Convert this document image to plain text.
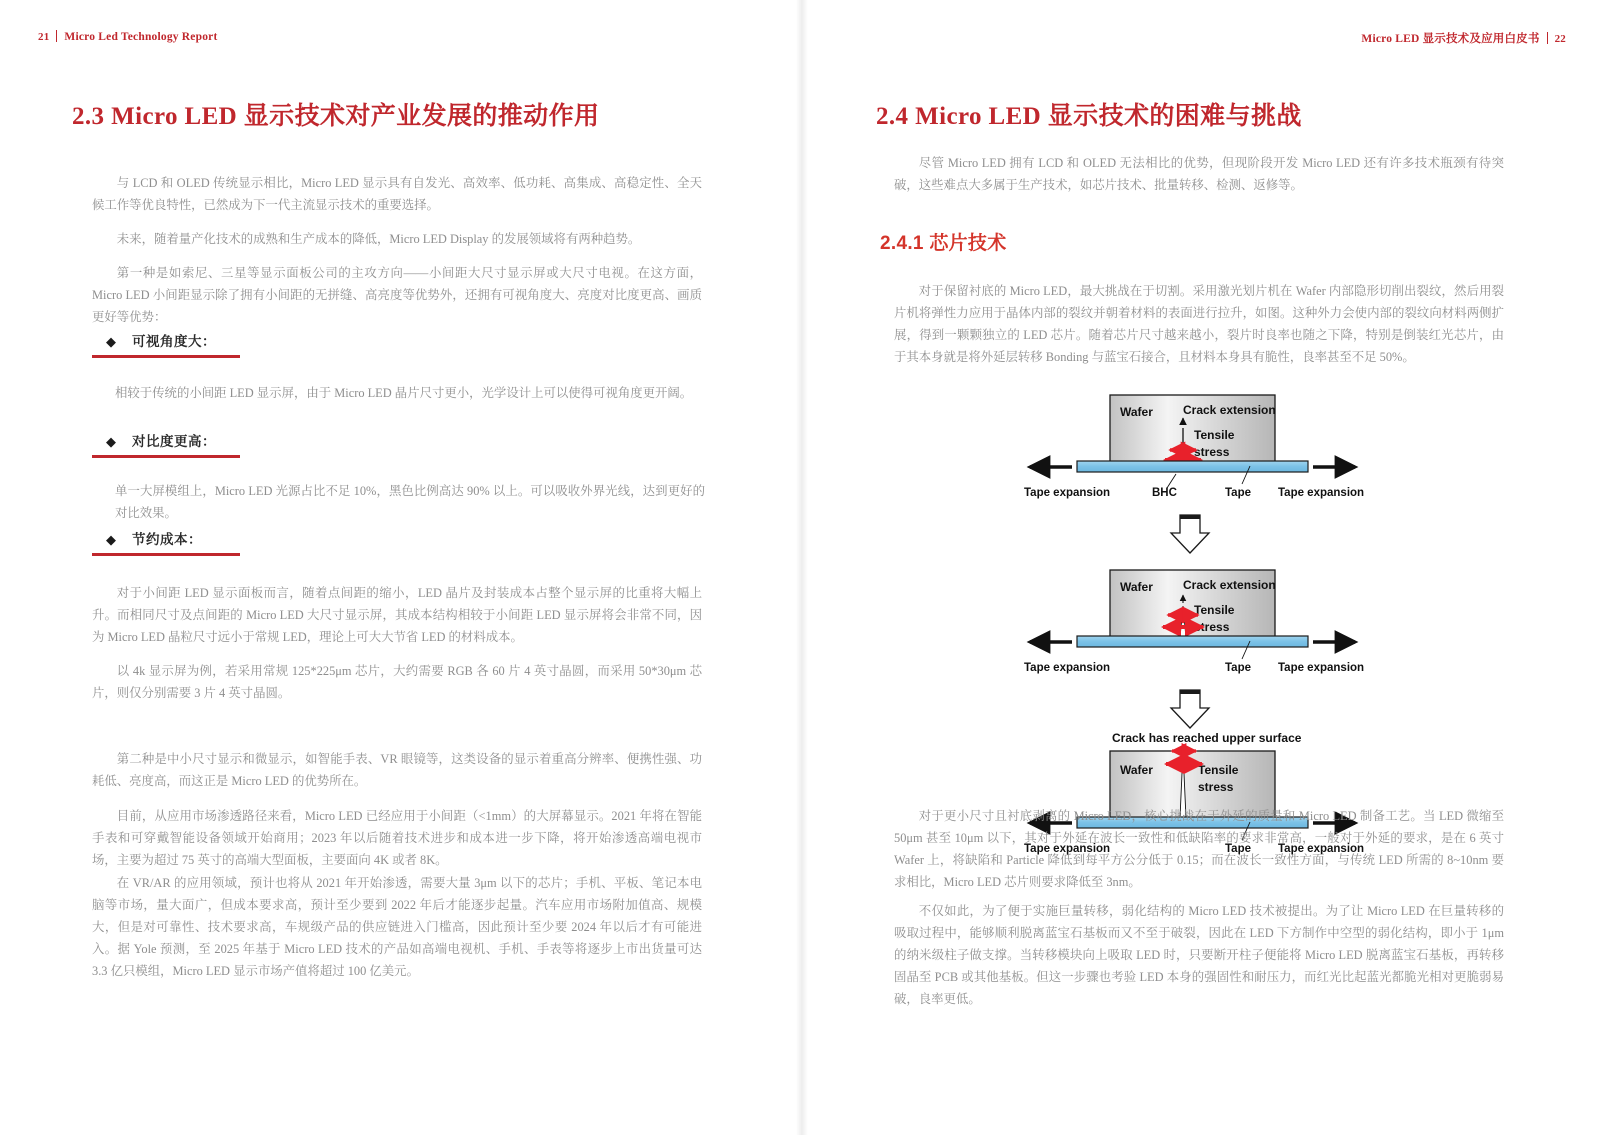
21 Micro Led Technology Report
2.3 Micro LED 显示技术对产业发展的推动作用
与 LCD 和 OLED 传统显示相比，Micro LED 显示具有自发光、高效率、低功耗、高集成、高稳定性、全天候工作等优良特性，已然成为下一代主流显示技术的重要选择。
未来，随着量产化技术的成熟和生产成本的降低，Micro LED Display 的发展领域将有两种趋势。
第一种是如索尼、三星等显示面板公司的主攻方向——小间距大尺寸显示屏或大尺寸电视。在这方面，Micro LED 小间距显示除了拥有小间距的无拼缝、高亮度等优势外，还拥有可视角度大、亮度对比度更高、画质更好等优势：
◆ 可视角度大：
相较于传统的小间距 LED 显示屏，由于 Micro LED 晶片尺寸更小，光学设计上可以使得可视角度更开阔。
◆ 对比度更高：
单一大屏模组上，Micro LED 光源占比不足 10%，黑色比例高达 90% 以上。可以吸收外界光线，达到更好的对比效果。
◆ 节约成本：
对于小间距 LED 显示面板而言，随着点间距的缩小，LED 晶片及封装成本占整个显示屏的比重将大幅上升。而相同尺寸及点间距的 Micro LED 大尺寸显示屏，其成本结构相较于小间距 LED 显示屏将会非常不同，因为 Micro LED 晶粒尺寸远小于常规 LED，理论上可大大节省 LED 的材料成本。
以 4k 显示屏为例，若采用常规 125*225μm 芯片，大约需要 RGB 各 60 片 4 英寸晶圆，而采用 50*30μm 芯片，则仅分别需要 3 片 4 英寸晶圆。
第二种是中小尺寸显示和微显示，如智能手表、VR 眼镜等，这类设备的显示着重高分辨率、便携性强、功耗低、亮度高，而这正是 Micro LED 的优势所在。
目前，从应用市场渗透路径来看，Micro LED 已经应用于小间距（<1mm）的大屏幕显示。2021 年将在智能手表和可穿戴智能设备领域开始商用；2023 年以后随着技术进步和成本进一步下降，将开始渗透高端电视市场，主要为超过 75 英寸的高端大型面板，主要面向 4K 或者 8K。
在 VR/AR 的应用领域，预计也将从 2021 年开始渗透，需要大量 3μm 以下的芯片；手机、平板、笔记本电脑等市场，量大面广，但成本要求高，预计至少要到 2022 年后才能逐步起量。汽车应用市场附加值高、规模大，但是对可靠性、技术要求高，车规级产品的供应链进入门槛高，因此预计至少要 2024 年以后才有可能进入。据 Yole 预测，至 2025 年基于 Micro LED 技术的产品如高端电视机、手机、手表等将逐步上市出货量可达 3.3 亿只模组，Micro LED 显示市场产值将超过 100 亿美元。
Micro LED 显示技术及应用白皮书 22
2.4 Micro LED 显示技术的困难与挑战
尽管 Micro LED 拥有 LCD 和 OLED 无法相比的优势，但现阶段开发 Micro LED 还有许多技术瓶颈有待突破，这些难点大多属于生产技术，如芯片技术、批量转移、检测、返修等。
2.4.1 芯片技术
对于保留衬底的 Micro LED，最大挑战在于切割。采用激光划片机在 Wafer 内部隐形切削出裂纹，然后用裂片机将弹性力应用于晶体内部的裂纹并朝着材料的表面进行拉升，如图。这种外力会使内部的裂纹向材料两侧扩展，得到一颗颗独立的 LED 芯片。随着芯片尺寸越来越小，裂片时良率也随之下降，特别是倒装红光芯片，由于其本身就是将外延层转移 Bonding 与蓝宝石接合，且材料本身具有脆性，良率甚至不足 50%。
Wafer	Crack extension
Tensile
stress
Tape expansion	BHC	Tape Tape expansion
Wafer	Crack extension
Tensile
stress
Tape expansion	Tape Tape expansion
Crack has reached upper surface
Wafer	Tensile
stress
Tape expansion	Tape Tape expansion
对于更小尺寸且衬底剥离的 Micro LED，核心挑战在于外延的质量和 Micro LED 制备工艺。当 LED 微缩至 50μm 甚至 10μm 以下，其对于外延在波长一致性和低缺陷率的要求非常高，一般对于外延的要求，是在 6 英寸 Wafer 上，将缺陷和 Particle 降低到每平方公分低于 0.15；而在波长一致性方面，与传统 LED 所需的 8~10nm 要求相比，Micro LED 芯片则要求降低至 3nm。
不仅如此，为了便于实施巨量转移，弱化结构的 Micro LED 技术被提出。为了让 Micro LED 在巨量转移的吸取过程中，能够顺利脱离蓝宝石基板而又不至于破裂，因此在 LED 下方制作中空型的弱化结构，即小于 1μm 的纳米级柱子做支撑。当转移模块向上吸取 LED 时，只要断开柱子便能将 Micro LED 脱离蓝宝石基板，再转移固晶至 PCB 或其他基板。但这一步骤也考验 LED 本身的强固性和耐压力，而红光比起蓝光都脆光相对更脆弱易破，良率更低。
